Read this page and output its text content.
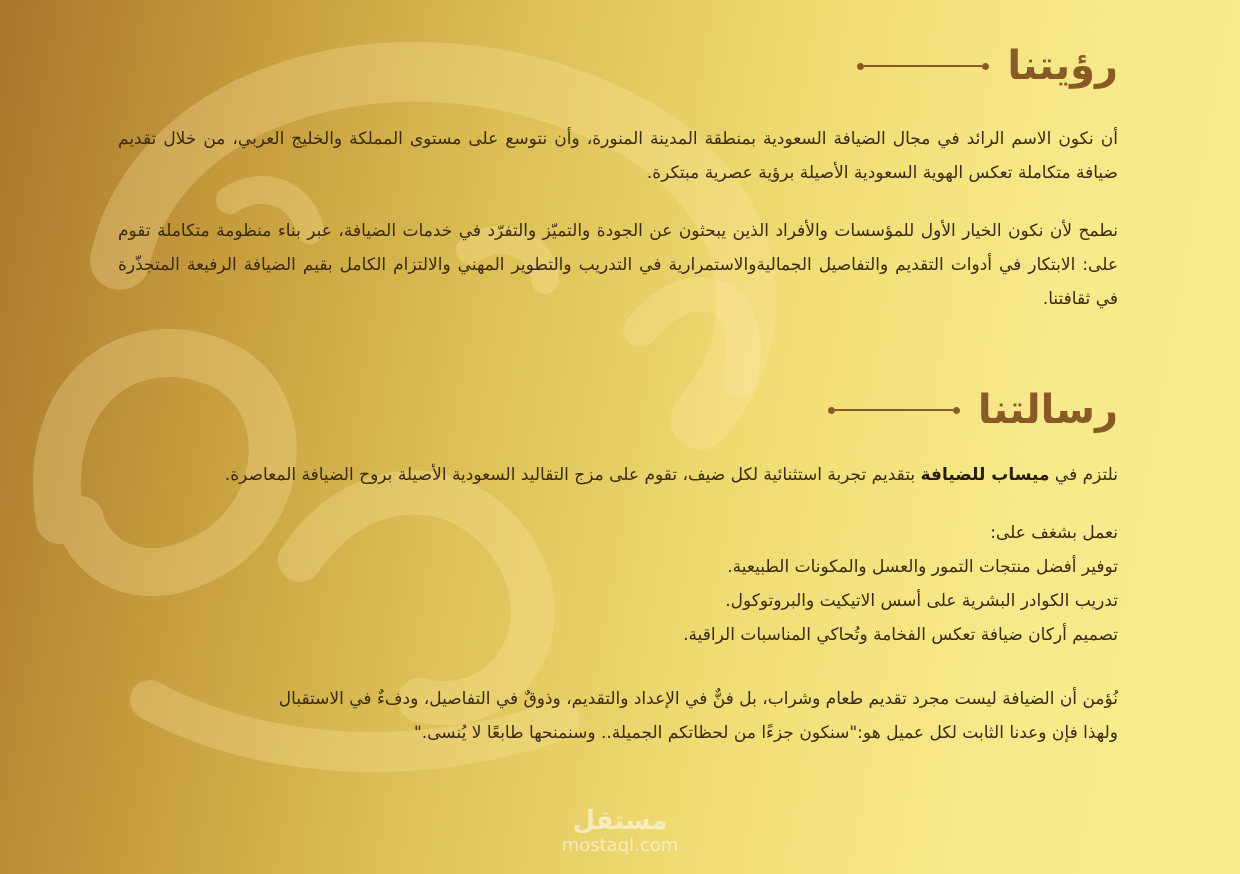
رؤيتنا

أن نكون الاسم الرائد في مجال الضيافة السعودية بمنطقة المدينة المنورة، وأن نتوسع على مستوى المملكة والخليج العربي، من خلال تقديم ضيافة متكاملة تعكس الهوية السعودية الأصيلة برؤية عصرية مبتكرة.

نطمح لأن نكون الخيار الأول للمؤسسات والأفراد الذين يبحثون عن الجودة والتميّز والتفرّد في خدمات الضيافة، عبر بناء منظومة متكاملة تقوم على: الابتكار في أدوات التقديم والتفاصيل الجماليةوالاستمرارية في التدريب والتطوير المهني والالتزام الكامل بقيم الضيافة الرفيعة المتجذّرة في ثقافتنا.

رسالتنا

نلتزم في ميساب للضيافة بتقديم تجربة استثنائية لكل ضيف، تقوم على مزج التقاليد السعودية الأصيلة بروح الضيافة المعاصرة.

نعمل بشغف على:

توفير أفضل منتجات التمور والعسل والمكونات الطبيعية.

تدريب الكوادر البشرية على أسس الاتيكيت والبروتوكول.

تصميم أركان ضيافة تعكس الفخامة وتُحاكي المناسبات الراقية.

نُؤمن أن الضيافة ليست مجرد تقديم طعام وشراب، بل فنٌّ في الإعداد والتقديم، وذوقٌ في التفاصيل، ودفءٌ في الاستقبال

ولهذا فإن وعدنا الثابت لكل عميل هو:"سنكون جزءًا من لحظاتكم الجميلة.. وسنمنحها طابعًا لا يُنسى."

مستقل
mostaql.com
